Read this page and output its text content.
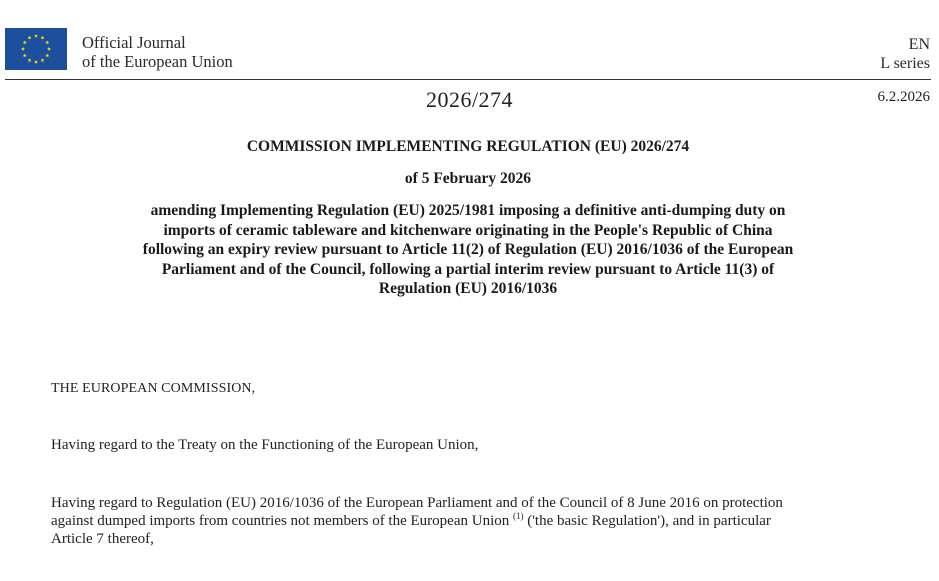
Official Journal
of the European Union
EN
L series
2026/274	6.2.2026
COMMISSION IMPLEMENTING REGULATION (EU) 2026/274
of 5 February 2026
amending Implementing Regulation (EU) 2025/1981 imposing a definitive anti-dumping duty on
imports of ceramic tableware and kitchenware originating in the People's Republic of China
following an expiry review pursuant to Article 11(2) of Regulation (EU) 2016/1036 of the European
Parliament and of the Council, following a partial interim review pursuant to Article 11(3) of
Regulation (EU) 2016/1036
THE EUROPEAN COMMISSION,
Having regard to the Treaty on the Functioning of the European Union,
Having regard to Regulation (EU) 2016/1036 of the European Parliament and of the Council of 8 June 2016 on protection
against dumped imports from countries not members of the European Union $^{(1)}$ ('the basic Regulation'), and in particular
Article 7 thereof,
